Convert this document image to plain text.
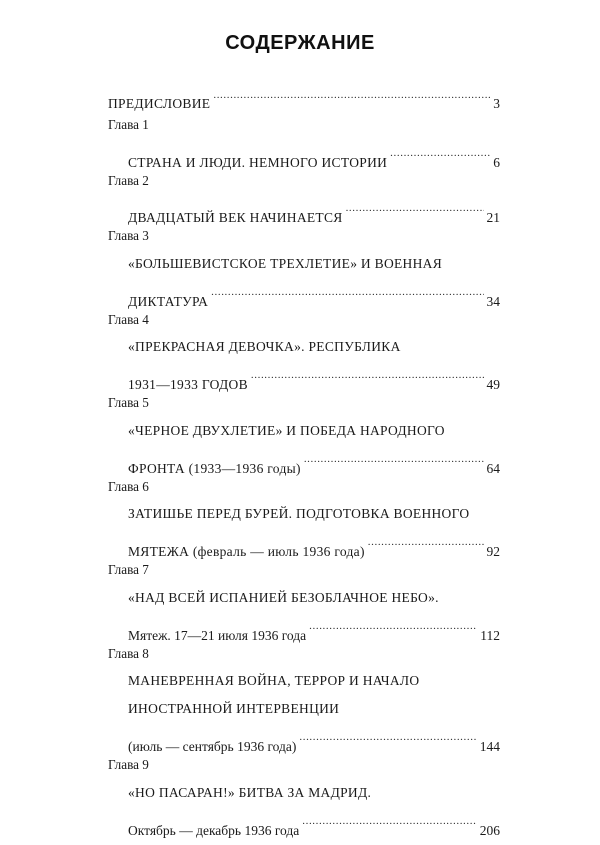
СОДЕРЖАНИЕ
ПРЕДИСЛОВИЕ .....	3
Глава 1
СТРАНА И ЛЮДИ. НЕМНОГО ИСТОРИИ .....	6
Глава 2
ДВАДЦАТЫЙ ВЕК НАЧИНАЕТСЯ .....	21
Глава 3
«БОЛЬШЕВИСТСКОЕ ТРЕХЛЕТИЕ» И ВОЕННАЯ
ДИКТАТУРА .....	34
Глава 4
«ПРЕКРАСНАЯ ДЕВОЧКА». РЕСПУБЛИКА
1931—1933 ГОДОВ .....	49
Глава 5
«ЧЕРНОЕ ДВУХЛЕТИЕ» И ПОБЕДА НАРОДНОГО
ФРОНТА (1933—1936 годы) .....	64
Глава 6
ЗАТИШЬЕ ПЕРЕД БУРЕЙ. ПОДГОТОВКА ВОЕННОГО
МЯТЕЖА (февраль — июль 1936 года) .....	92
Глава 7
«НАД ВСЕЙ ИСПАНИЕЙ БЕЗОБЛАЧНОЕ НЕБО».
Мятеж. 17—21 июля 1936 года .....	112
Глава 8
МАНЕВРЕННАЯ ВОЙНА, ТЕРРОР И НАЧАЛО
ИНОСТРАННОЙ ИНТЕРВЕНЦИИ
(июль — сентябрь 1936 года) .....	144
Глава 9
«НО ПАСАРАН!» БИТВА ЗА МАДРИД.
Октябрь — декабрь 1936 года .....	206
